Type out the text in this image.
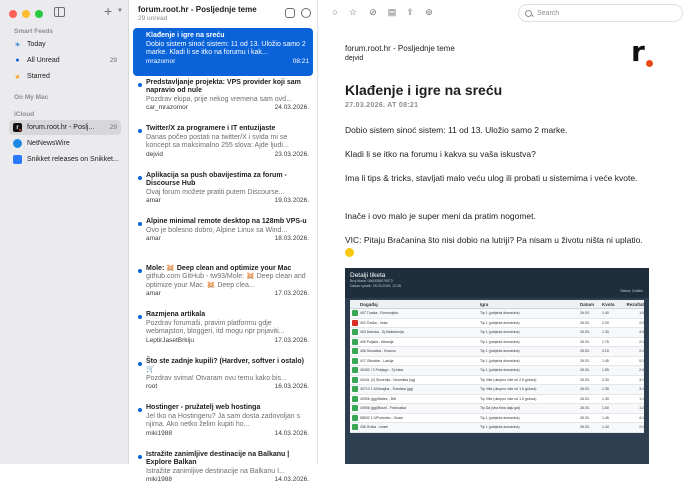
+ ▼
Smart Feeds
☀ Today
●	All Unread	29
★ Starred
On My Mac
iCloud
r	forum.root.hr - Poslj...	29
NetNewsWire
Snikket releases on Snikket...
forum.root.hr - Posljednje teme
29 unread
Klađenje i igre na sreću
Dobio sistem sinoć sistem: 11 od 13. Uložio samo 2 marke. Kladi li se itko na forumu i kak...
mrazomor	08:21
Predstavljanje projekta: VPS provider koji sam napravio od nule
Pozdrav ekipa, prije nekog vremena sam ovd...
car_mrazomor	24.03.2026.
Twitter/X za programere i IT entuzijaste
Danas počeo postati na twitter/X i svida mi se koncept sa maksimalno 255 slova: Ajde ljudi...
dejvid	23.03.2026.
Aplikacija sa push obavijestima za forum - Discourse Hub
Ovaj forum možete pratiti putem Discourse...
amar	19.03.2026.
Alpine minimal remote desktop na 128mb VPS-u
Ovo je bolesno dobro, Alpine Linux sa Wind...
amar	18.03.2026.
Mole: 🐹 Deep clean and optimize your Mac
github.com GitHub - tw93/Mole: 🐹 Deep clean and optimize your Mac. 🐹 Deep clea...
amar	17.03.2026.
Razmjena artikala
Pozdrav forumaši, pravim platformu gdje webmajstori, bloggeri, itd mogu npr prijaviti...
LeptirJasetBrkiju	17.03.2026.
Što ste zadnje kupili? (Hardver, softver i ostalo) 🛒
Pozdrav svima! Otvaram ovu temu kako bis...
root	16.03.2026.
Hostinger - pružatelj web hostinga
Jel tko na Hostingeru? Ja sam dosta zadovoljan s njima. Ako netko želim kupiti ho...
miki1988	14.03.2026.
Istražite zanimljive destinacije na Balkanu | Explore Balkan
Istražite zanimljive destinacije na Balkanu I...
miki1988	14.03.2026.
○ ☆ ⊘ ▤ ⇪ ⊚
Search
forum.root.hr - Posljednje teme
dejvid	r
Klađenje i igre na sreću
27.03.2026. AT 08:21
Dobio sistem sinoć sistem: 11 od 13. Uložio samo 2 marke.
Kladi li se itko na forumu i kakva su vaša iskustva?
Ima li tips & tricks, stavljati malo veću ulog ili probati u sistemima i veće kvote.
Inače i ovo malo je super meni da pratim nogomet.
VIC: Pitaju Bračanina što nisi dobio na lutriji? Pa nisam u životu ništa ni uplatio.
Detalji tiketa
Broj tiketa: 0660056576072
Datum uplate: 25.03.2026. 12:35
Status: Dobitni
Događaj	Igra	Datum	Kvota	Rezultat
407 Turska - Rumunjska	Tip 1 (pobjeda domaćina)	26.03.	1.40	1:0
402 Češka - Irska	Tip 1 (pobjeda domaćina)	26.03.	2.00	2:2
403 Danska - Sj.Makedonija	Tip 1 (pobjeda domaćina)	26.03.	1.30	4:0
405 Poljska - Albanija	Tip 1 (pobjeda domaćina)	26.03.	1.75	2:1
406 Slovačka - Kosovo	Tip 1 (pobjeda domaćina)	26.03.	3.15	2:1
417 Gibraltar - Latvija	Tip 1 (pobjeda domaćina)	26.03.	1.45	0:1
40432 / 3 Pobjegn - Sj.Irska	Tip 1 (pobjeda domaćina)	26.03.	1.55	2:0
40441 (2) Slovenija - Norveška (sg)	Tip Više (ukupno više od 2.5 golova)	26.03.	2.30	3:1
40710 1.5/Ukrajina - Švedska (gg)	Tip Više (ukupno više od 1.5 golova)	26.03.	1.35	3:1
40906 (gg)/Wales - BiH	Tip Više (ukupno više od 1.5 golova)	26.03.	1.35	1:1
40906 (gg)/Brazil - Francuska	Tip Da (oba tima daju gol)	26.03.	1.60	1:2
58532 1.0/Portoriko - Guam	Tip 1 (pobjeda domaćina)	26.03.	1.45	4:1
436 Grčka - Izrael	Tip 1 (pobjeda domaćina)	26.03.	1.40	2:1
